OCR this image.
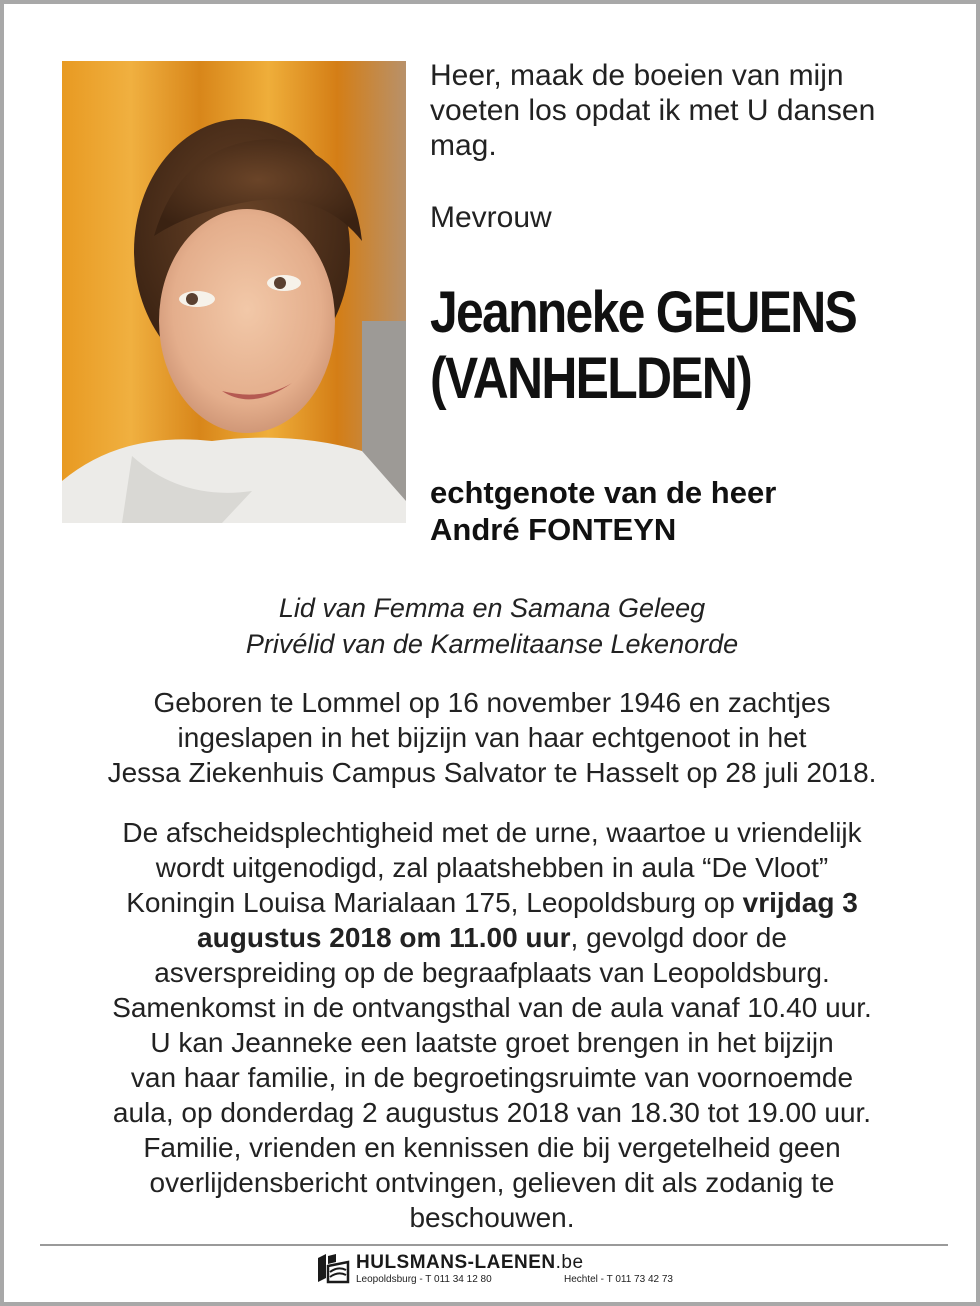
Heer, maak de boeien van mijn
voeten los opdat ik met U dansen
mag.
Mevrouw
Jeanneke GEUENS
(VANHELDEN)
echtgenote van de heer
André FONTEYN
Lid van Femma en Samana Geleeg
Privélid van de Karmelitaanse Lekenorde
Geboren te Lommel op 16 november 1946 en zachtjes
ingeslapen in het bijzijn van haar echtgenoot in het
Jessa Ziekenhuis Campus Salvator te Hasselt op 28 juli 2018.
De afscheidsplechtigheid met de urne, waartoe u vriendelijk
wordt uitgenodigd, zal plaatshebben in aula “De Vloot”
Koningin Louisa Marialaan 175, Leopoldsburg op vrijdag 3
augustus 2018 om 11.00 uur, gevolgd door de
asverspreiding op de begraafplaats van Leopoldsburg.
Samenkomst in de ontvangsthal van de aula vanaf 10.40 uur.
U kan Jeanneke een laatste groet brengen in het bijzijn
van haar familie, in de begroetingsruimte van voornoemde
aula, op donderdag 2 augustus 2018 van 18.30 tot 19.00 uur.
Familie, vrienden en kennissen die bij vergetelheid geen
overlijdensbericht ontvingen, gelieven dit als zodanig te
beschouwen.
HULSMANS-LAENEN.be
Leopoldsburg - T 011 34 12 80	Hechtel - T 011 73 42 73
